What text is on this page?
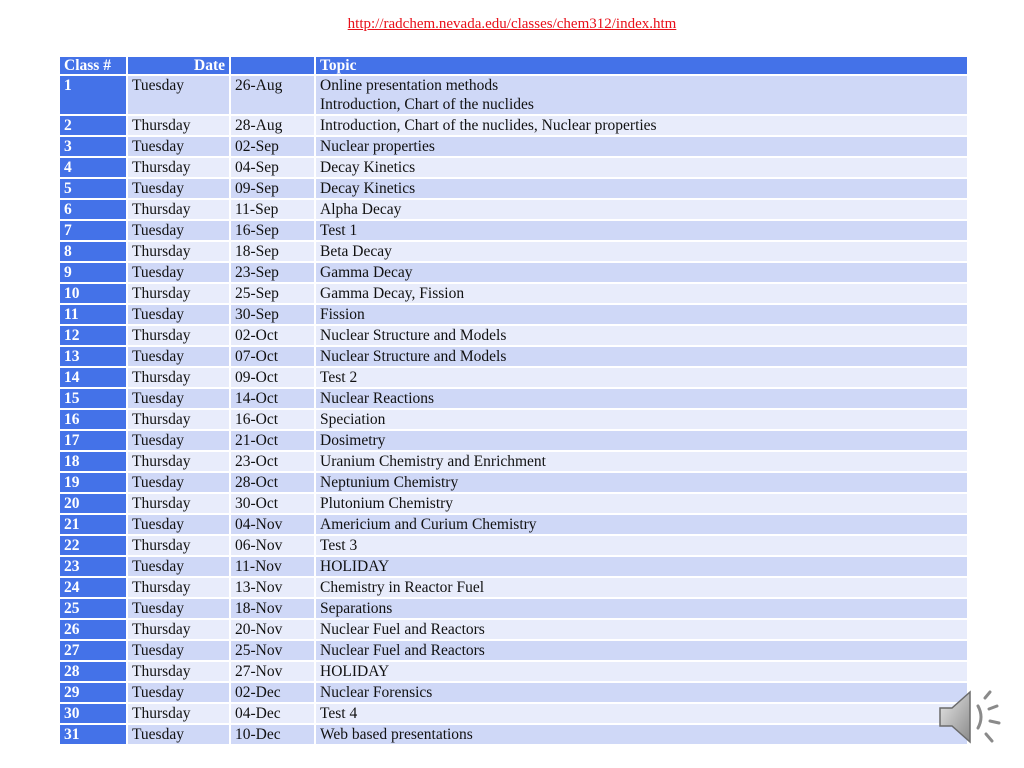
http://radchem.nevada.edu/classes/chem312/index.htm
Class #	Date		Topic
1	Tuesday	26-Aug	Online presentation methods
Introduction, Chart of the nuclides

2	Thursday	28-Aug	Introduction, Chart of the nuclides, Nuclear properties

3	Tuesday	02-Sep	Nuclear properties

4	Thursday	04-Sep	Decay Kinetics

5	Tuesday	09-Sep	Decay Kinetics

6	Thursday	11-Sep	Alpha Decay

7	Tuesday	16-Sep	Test 1

8	Thursday	18-Sep	Beta Decay

9	Tuesday	23-Sep	Gamma Decay

10	Thursday	25-Sep	Gamma Decay, Fission

11	Tuesday	30-Sep	Fission

12	Thursday	02-Oct	Nuclear Structure and Models

13	Tuesday	07-Oct	Nuclear Structure and Models

14	Thursday	09-Oct	Test 2

15	Tuesday	14-Oct	Nuclear Reactions

16	Thursday	16-Oct	Speciation

17	Tuesday	21-Oct	Dosimetry

18	Thursday	23-Oct	Uranium Chemistry and Enrichment

19	Tuesday	28-Oct	Neptunium Chemistry

20	Thursday	30-Oct	Plutonium Chemistry

21	Tuesday	04-Nov	Americium and Curium Chemistry

22	Thursday	06-Nov	Test 3

23	Tuesday	11-Nov	HOLIDAY

24	Thursday	13-Nov	Chemistry in Reactor Fuel

25	Tuesday	18-Nov	Separations

26	Thursday	20-Nov	Nuclear Fuel and Reactors

27	Tuesday	25-Nov	Nuclear Fuel and Reactors

28	Thursday	27-Nov	HOLIDAY

29	Tuesday	02-Dec	Nuclear Forensics

30	Thursday	04-Dec	Test 4

31	Tuesday	10-Dec	Web based presentations
